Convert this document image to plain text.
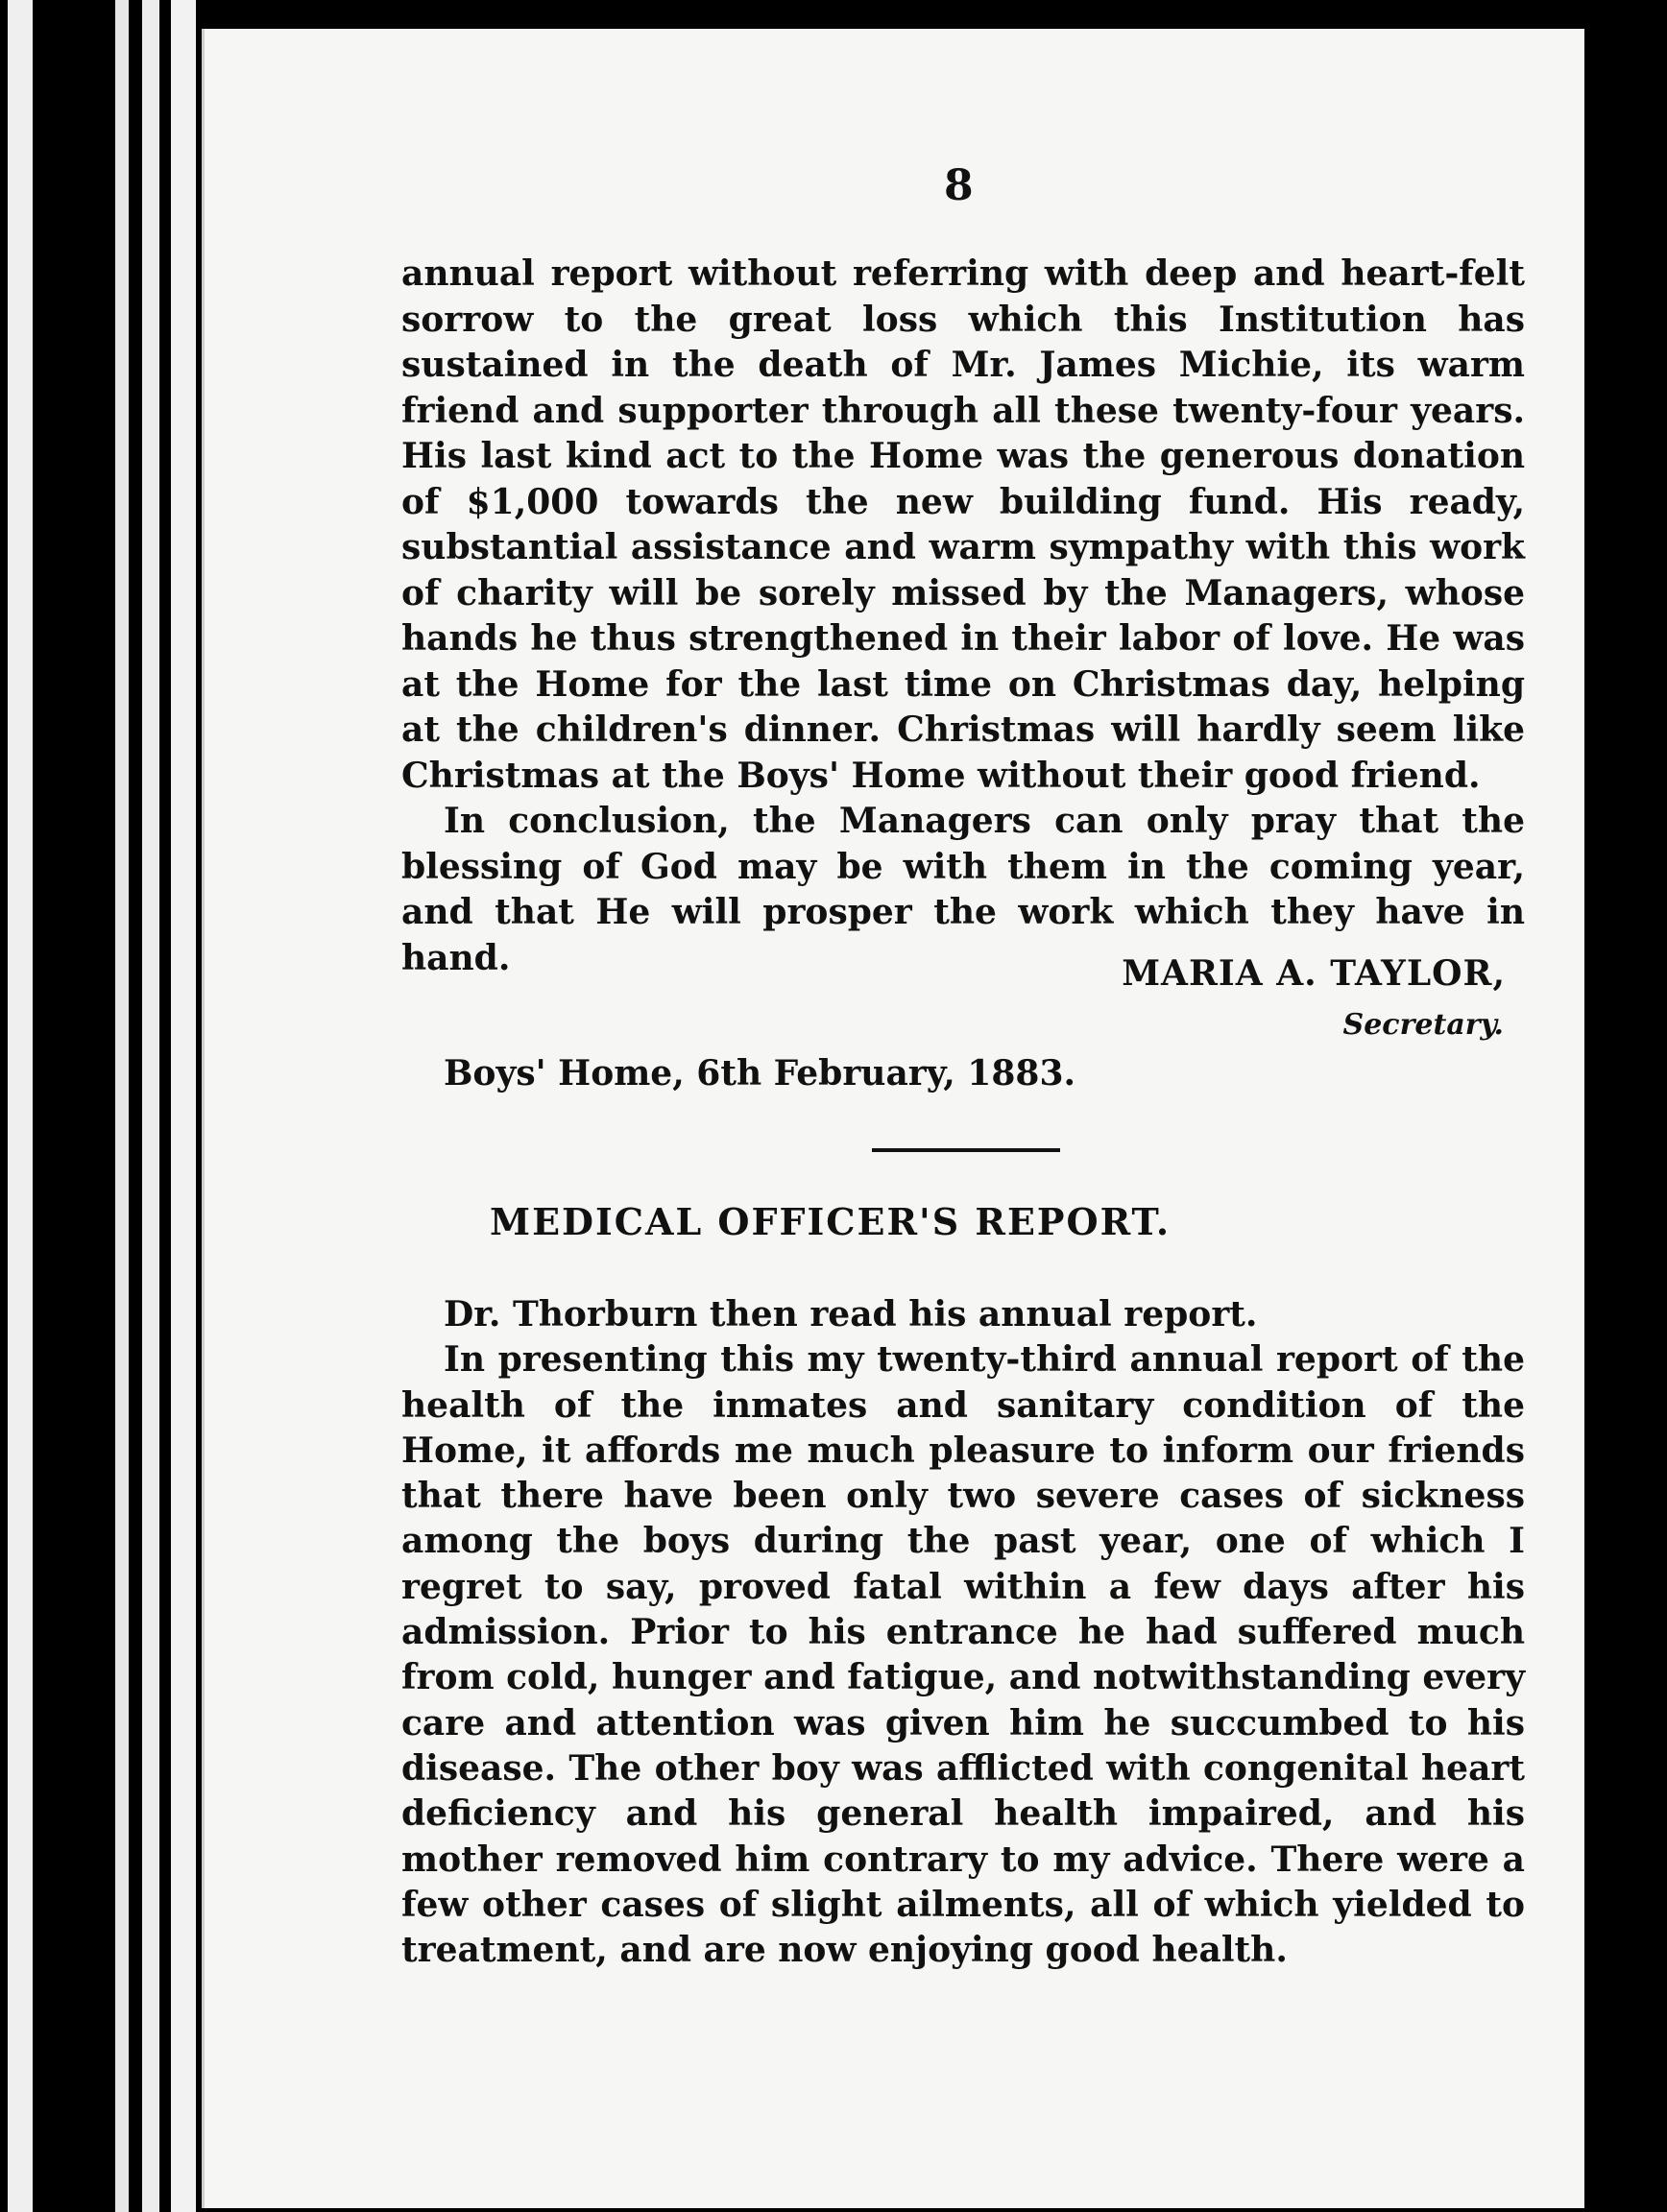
8

annual report without referring with deep and heart-felt sorrow to the great loss which this Institution has sustained in the death of Mr. James Michie, its warm friend and supporter through all these twenty-four years. His last kind act to the Home was the generous donation of $1,000 towards the new building fund. His ready, substantial assistance and warm sympathy with this work of charity will be sorely missed by the Managers, whose hands he thus strengthened in their labor of love. He was at the Home for the last time on Christmas day, helping at the children's dinner. Christmas will hardly seem like Christmas at the Boys' Home without their good friend.

In conclusion, the Managers can only pray that the blessing of God may be with them in the coming year, and that He will prosper the work which they have in hand.	MARIA A. TAYLOR,
Secretary.
Boys' Home, 6th February, 1883.
MEDICAL OFFICER'S REPORT.

Dr. Thorburn then read his annual report.

In presenting this my twenty-third annual report of the health of the inmates and sanitary condition of the Home, it affords me much pleasure to inform our friends that there have been only two severe cases of sickness among the boys during the past year, one of which I regret to say, proved fatal within a few days after his admission. Prior to his entrance he had suffered much from cold, hunger and fatigue, and notwithstanding every care and attention was given him he succumbed to his disease. The other boy was afflicted with congenital heart deficiency and his general health impaired, and his mother removed him contrary to my advice. There were a few other cases of slight ailments, all of which yielded to treatment, and are now enjoying good health.
